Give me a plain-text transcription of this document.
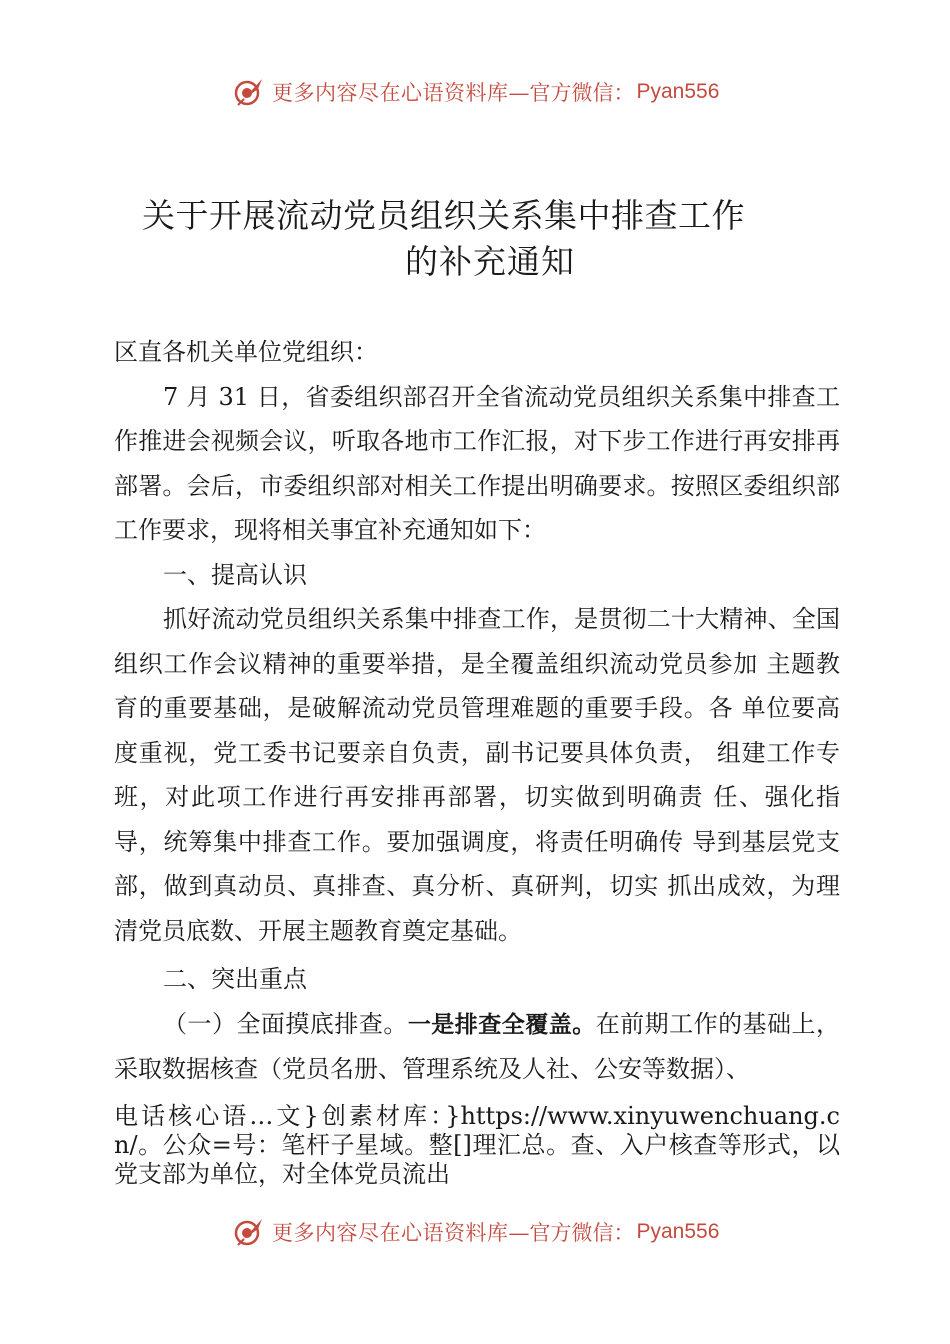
更多内容尽在心语资料库 —官方微信： Pyan556
关于开展流动党员组织关系集中排查工作
的补充通知

区直各机关单位党组织：

7 月 31 日，省委组织部召开全省流动党员组织关系集中排查工作推进会视频会议，听取各地市工作汇报，对下步工作进行再安排再部署。会后，市委组织部对相关工作提出明确要求。按照区委组织部工作要求，现将相关事宜补充通知如下：

一、提高认识

抓好流动党员组织关系集中排查工作，是贯彻二十大精神、全国组织工作会议精神的重要举措，是全覆盖组织流动党员参加 主题教育的重要基础，是破解流动党员管理难题的重要手段。各 单位要高度重视，党工委书记要亲自负责，副书记要具体负责， 组建工作专班，对此项工作进行再安排再部署，切实做到明确责 任、强化指导，统筹集中排查工作。要加强调度，将责任明确传 导到基层党支部，做到真动员、真排查、真分析、真研判，切实 抓出成效，为理清党员底数、开展主题教育奠定基础。

二、突出重点

（一）全面摸底排查。一是排查全覆盖。在前期工作的基础上，采取数据核查（党员名册、管理系统及人社、公安等数据）、

电话核心语…文}创素材库：}https://www.xinyuwenchuang.cn/。公众=号：笔杆子星域。整[]理汇总。查、入户核查等形式，以党支部为单位，对全体党员流出

更多内容尽在心语资料库 —官方微信： Pyan556
